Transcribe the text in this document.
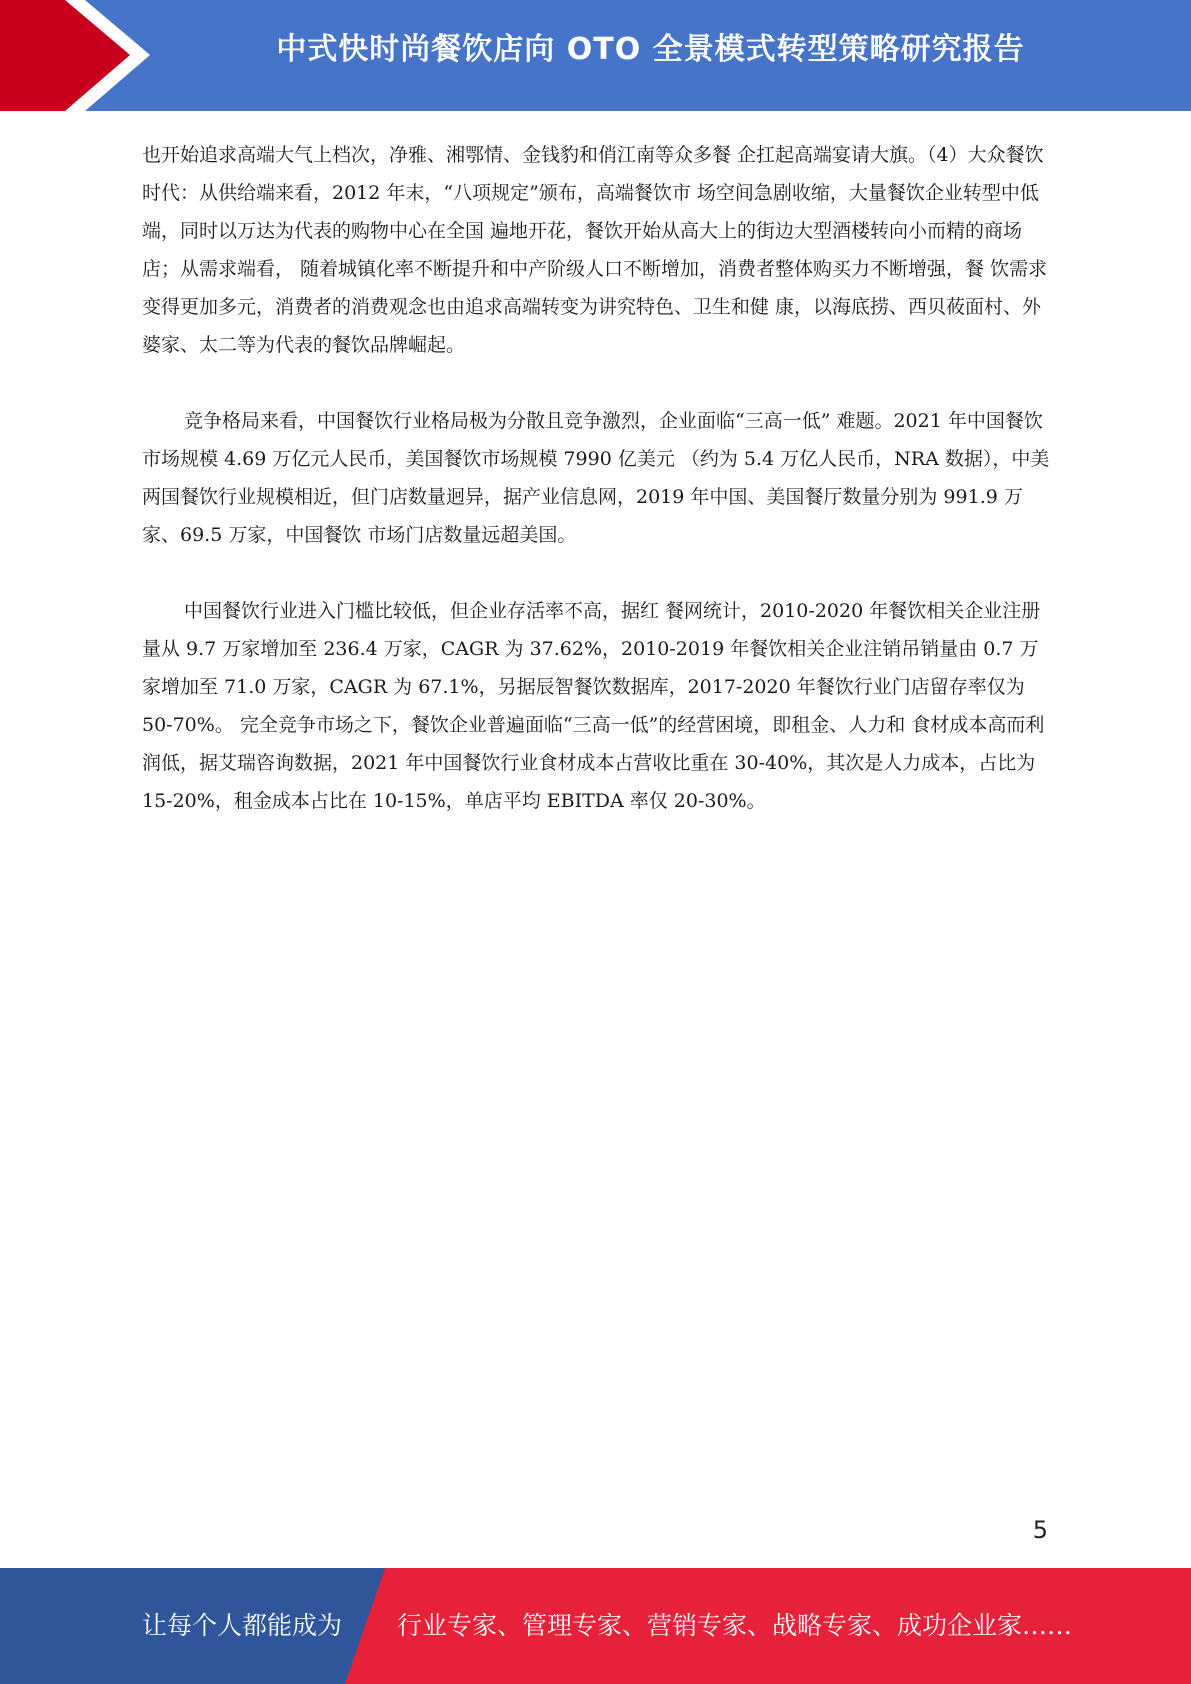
中式快时尚餐饮店向 OTO 全景模式转型策略研究报告

也开始追求高端大气上档次，净雅、湘鄂情、金钱豹和俏江南等众多餐 企扛起高端宴请大旗。（4）大众餐饮时代：从供给端来看，2012 年末，“八项规定”颁布，高端餐饮市 场空间急剧收缩，大量餐饮企业转型中低端，同时以万达为代表的购物中心在全国 遍地开花，餐饮开始从高大上的街边大型酒楼转向小而精的商场店；从需求端看， 随着城镇化率不断提升和中产阶级人口不断增加，消费者整体购买力不断增强，餐 饮需求变得更加多元，消费者的消费观念也由追求高端转变为讲究特色、卫生和健 康，以海底捞、西贝莜面村、外婆家、太二等为代表的餐饮品牌崛起。

竞争格局来看，中国餐饮行业格局极为分散且竞争激烈，企业面临“三高一低” 难题。2021 年中国餐饮市场规模 4.69 万亿元人民币，美国餐饮市场规模 7990 亿美元 （约为 5.4 万亿人民币，NRA 数据），中美两国餐饮行业规模相近，但门店数量迥异，据产业信息网，2019 年中国、美国餐厅数量分别为 991.9 万家、69.5 万家，中国餐饮 市场门店数量远超美国。

中国餐饮行业进入门槛比较低，但企业存活率不高，据红 餐网统计，2010-2020 年餐饮相关企业注册量从 9.7 万家增加至 236.4 万家，CAGR 为 37.62%，2010-2019 年餐饮相关企业注销吊销量由 0.7 万家增加至 71.0 万家，CAGR 为 67.1%，另据辰智餐饮数据库，2017-2020 年餐饮行业门店留存率仅为 50-70%。 完全竞争市场之下，餐饮企业普遍面临“三高一低”的经营困境，即租金、人力和 食材成本高而利润低，据艾瑞咨询数据，2021 年中国餐饮行业食材成本占营收比重在 30-40%，其次是人力成本，占比为 15-20%，租金成本占比在 10-15%，单店平均 EBITDA 率仅 20-30%。

5
让每个人都能成为 行业专家、管理专家、营销专家、战略专家、成功企业家……
